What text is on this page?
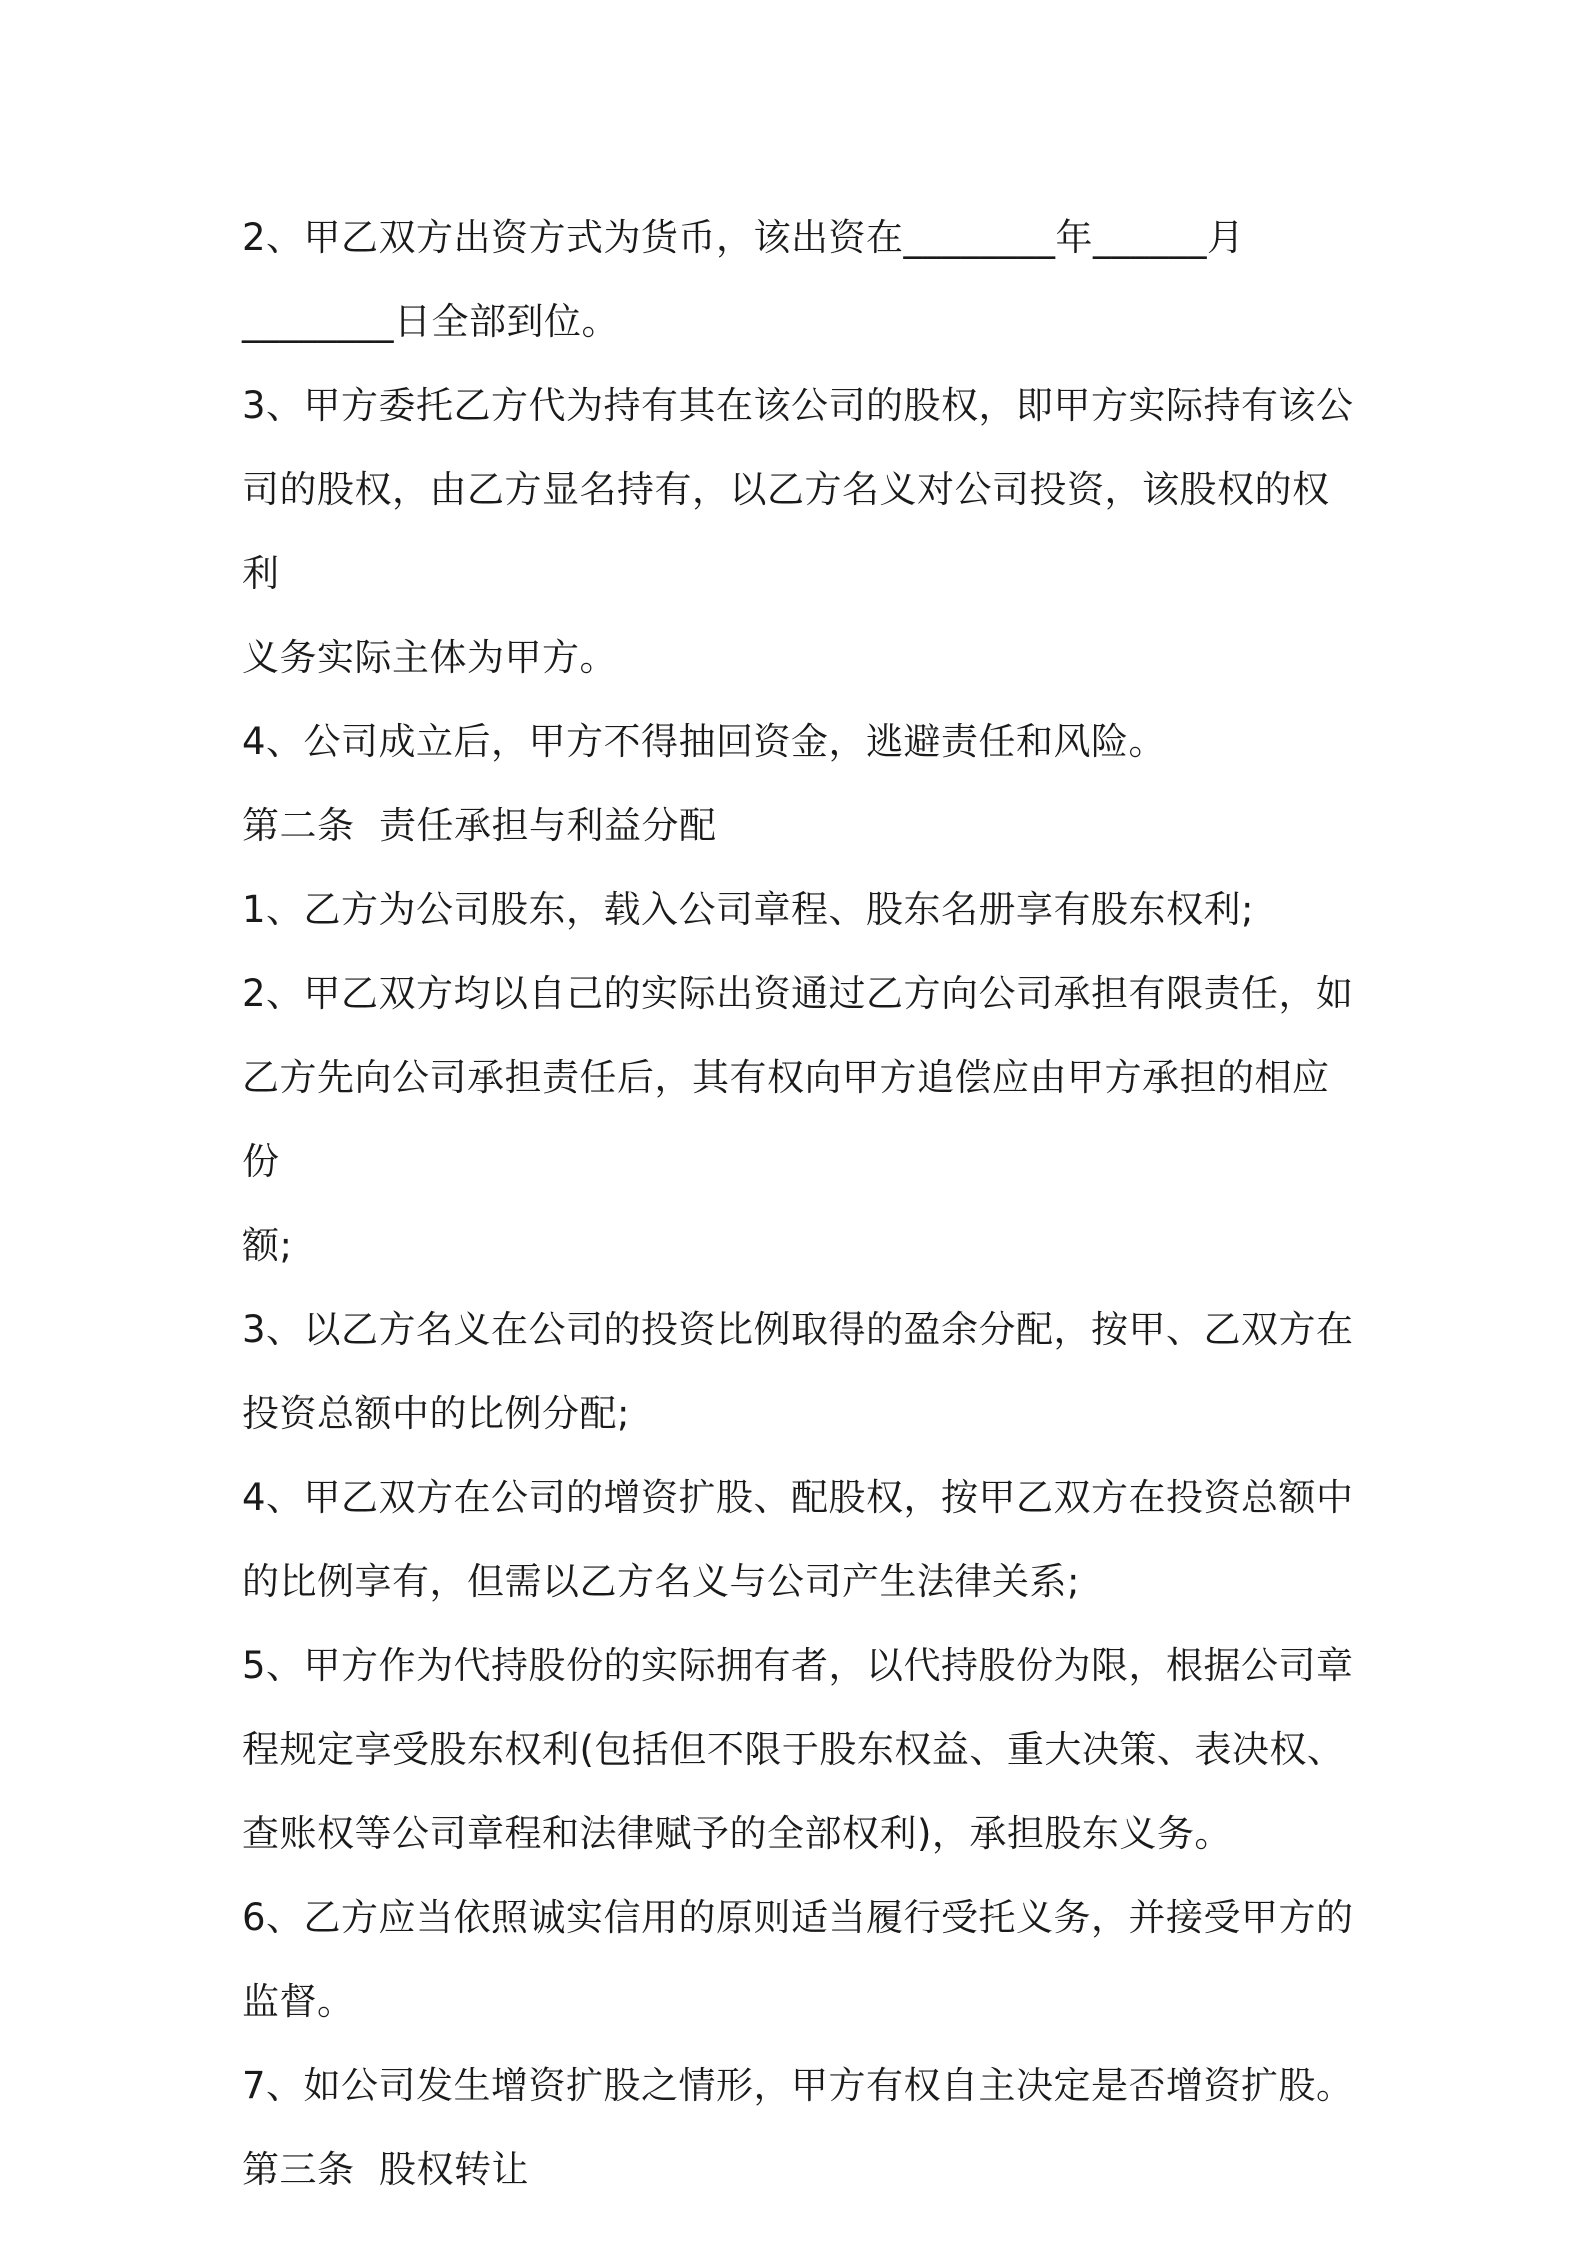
2、甲乙双方出资方式为货币，该出资在________年______月

________日全部到位。

3、甲方委托乙方代为持有其在该公司的股权，即甲方实际持有该公

司的股权，由乙方显名持有，以乙方名义对公司投资，该股权的权利

义务实际主体为甲方。

4、公司成立后，甲方不得抽回资金，逃避责任和风险。

第二条  责任承担与利益分配

1、乙方为公司股东，载入公司章程、股东名册享有股东权利;

2、甲乙双方均以自己的实际出资通过乙方向公司承担有限责任，如

乙方先向公司承担责任后，其有权向甲方追偿应由甲方承担的相应份

额;

3、以乙方名义在公司的投资比例取得的盈余分配，按甲、乙双方在

投资总额中的比例分配;

4、甲乙双方在公司的增资扩股、配股权，按甲乙双方在投资总额中

的比例享有，但需以乙方名义与公司产生法律关系;

5、甲方作为代持股份的实际拥有者，以代持股份为限，根据公司章

程规定享受股东权利(包括但不限于股东权益、重大决策、表决权、

查账权等公司章程和法律赋予的全部权利)，承担股东义务。

6、乙方应当依照诚实信用的原则适当履行受托义务，并接受甲方的

监督。

7、如公司发生增资扩股之情形，甲方有权自主决定是否增资扩股。

第三条  股权转让
